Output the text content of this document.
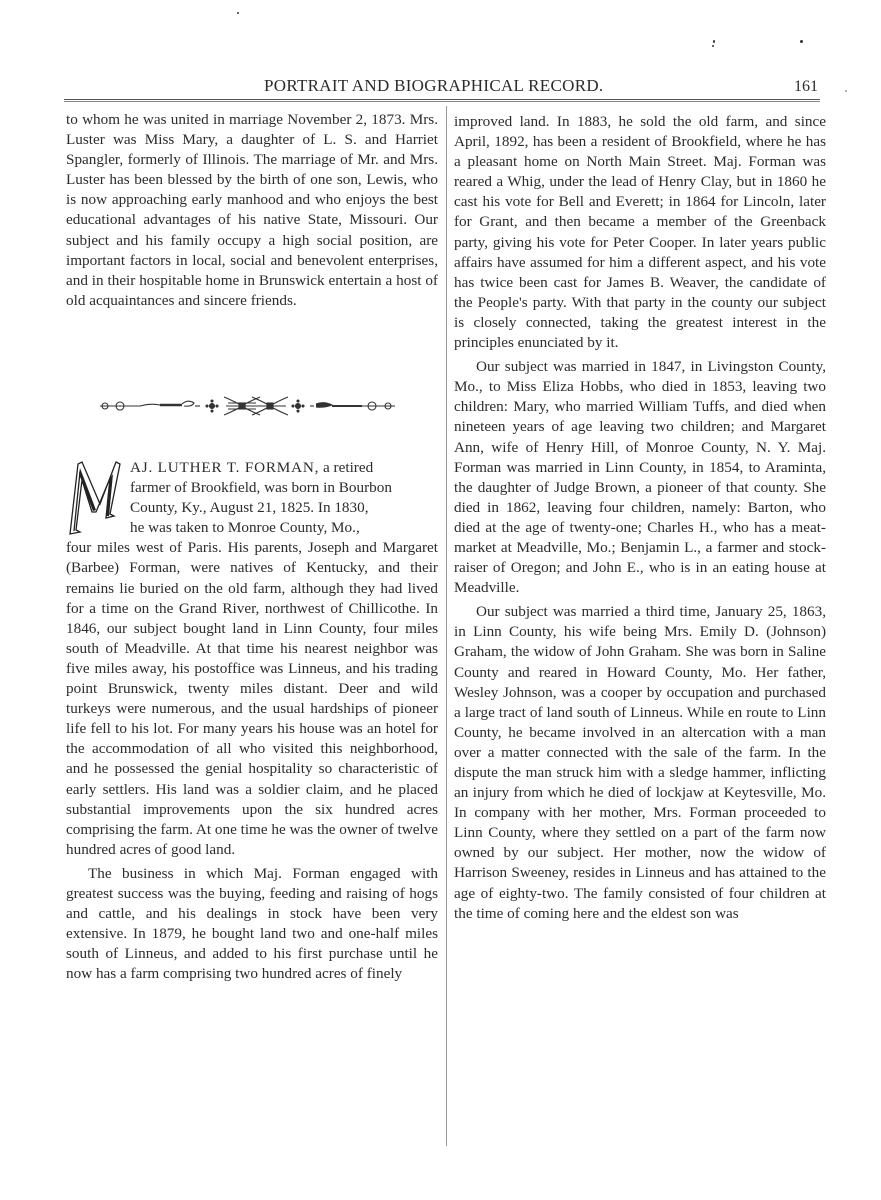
PORTRAIT AND BIOGRAPHICAL RECORD.	161

to whom he was united in marriage November 2, 1873. Mrs. Luster was Miss Mary, a daughter of L. S. and Harriet Spangler, formerly of Illinois. The marriage of Mr. and Mrs. Luster has been blessed by the birth of one son, Lewis, who is now approaching early manhood and who enjoys the best educational advantages of his native State, Missouri. Our subject and his family occupy a high social position, are important factors in local, social and benevolent enterprises, and in their hospitable home in Brunswick entertain a host of old acquaintances and sincere friends.

AJ. LUTHER T. FORMAN, a retired
farmer of Brookfield, was born in Bourbon
County, Ky., August 21, 1825. In 1830,
he was taken to Monroe County, Mo.,

four miles west of Paris. His parents, Joseph and Margaret (Barbee) Forman, were natives of Kentucky, and their remains lie buried on the old farm, although they had lived for a time on the Grand River, northwest of Chillicothe. In 1846, our subject bought land in Linn County, four miles south of Meadville. At that time his nearest neighbor was five miles away, his postoffice was Linneus, and his trading point Brunswick, twenty miles distant. Deer and wild turkeys were numerous, and the usual hardships of pioneer life fell to his lot. For many years his house was an hotel for the accommodation of all who visited this neighborhood, and he possessed the genial hospitality so characteristic of early settlers. His land was a soldier claim, and he placed substantial improvements upon the six hundred acres comprising the farm. At one time he was the owner of twelve hundred acres of good land.

The business in which Maj. Forman engaged with greatest success was the buying, feeding and raising of hogs and cattle, and his dealings in stock have been very extensive. In 1879, he bought land two and one-half miles south of Linneus, and added to his first purchase until he now has a farm comprising two hundred acres of finely

improved land. In 1883, he sold the old farm, and since April, 1892, has been a resident of Brookfield, where he has a pleasant home on North Main Street. Maj. Forman was reared a Whig, under the lead of Henry Clay, but in 1860 he cast his vote for Bell and Everett; in 1864 for Lincoln, later for Grant, and then became a member of the Greenback party, giving his vote for Peter Cooper. In later years public affairs have assumed for him a different aspect, and his vote has twice been cast for James B. Weaver, the candidate of the People's party. With that party in the county our subject is closely connected, taking the greatest interest in the principles enunciated by it.

Our subject was married in 1847, in Livingston County, Mo., to Miss Eliza Hobbs, who died in 1853, leaving two children: Mary, who married William Tuffs, and died when nineteen years of age leaving two children; and Margaret Ann, wife of Henry Hill, of Monroe County, N. Y. Maj. Forman was married in Linn County, in 1854, to Araminta, the daughter of Judge Brown, a pioneer of that county. She died in 1862, leaving four children, namely: Barton, who died at the age of twenty-one; Charles H., who has a meat-market at Meadville, Mo.; Benjamin L., a farmer and stock-raiser of Oregon; and John E., who is in an eating house at Meadville.

Our subject was married a third time, January 25, 1863, in Linn County, his wife being Mrs. Emily D. (Johnson) Graham, the widow of John Graham. She was born in Saline County and reared in Howard County, Mo. Her father, Wesley Johnson, was a cooper by occupation and purchased a large tract of land south of Linneus. While en route to Linn County, he became involved in an altercation with a man over a matter connected with the sale of the farm. In the dispute the man struck him with a sledge hammer, inflicting an injury from which he died of lockjaw at Keytesville, Mo. In company with her mother, Mrs. Forman proceeded to Linn County, where they settled on a part of the farm now owned by our subject. Her mother, now the widow of Harrison Sweeney, resides in Linneus and has attained to the age of eighty-two. The family consisted of four children at the time of coming here and the eldest son was
